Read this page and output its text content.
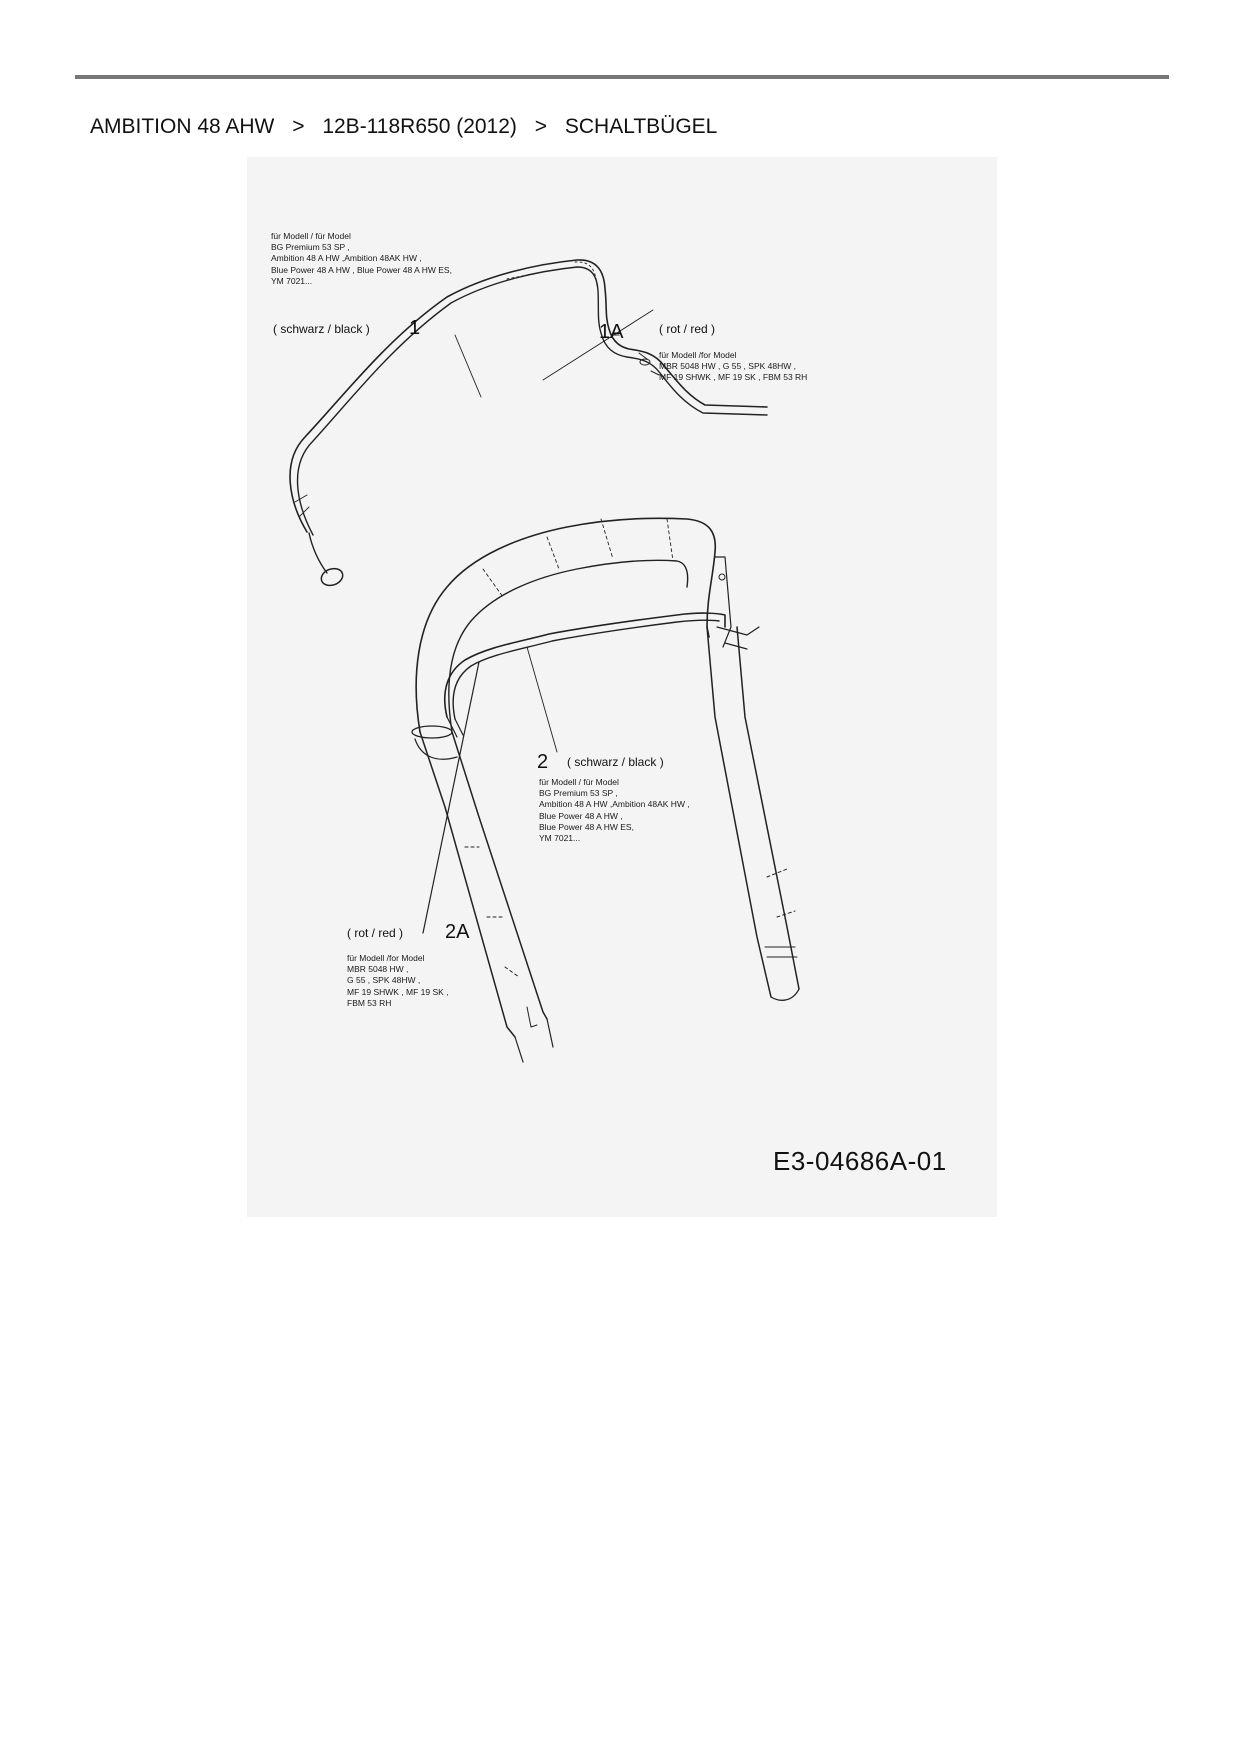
AMBITION 48 AHW > 12B-118R650 (2012) > SCHALTBÜGEL
für Modell / für Model
BG Premium 53 SP ,
Ambition 48 A HW ,Ambition 48AK HW ,
Blue Power 48 A HW , Blue Power 48 A HW ES,
YM 7021...
( schwarz / black ) 1	1A	( rot / red )
für Modell /for Model
MBR 5048 HW , G 55 , SPK 48HW ,
MF 19 SHWK , MF 19 SK , FBM 53 RH
2 ( schwarz / black )
für Modell / für Model
BG Premium 53 SP ,
Ambition 48 A HW ,Ambition 48AK HW ,
Blue Power 48 A HW ,
Blue Power 48 A HW ES,
YM 7021...
( rot / red ) 2A
für Modell /for Model
MBR 5048 HW ,
G 55 , SPK 48HW ,
MF 19 SHWK , MF 19 SK ,
FBM 53 RH
E3-04686A-01
